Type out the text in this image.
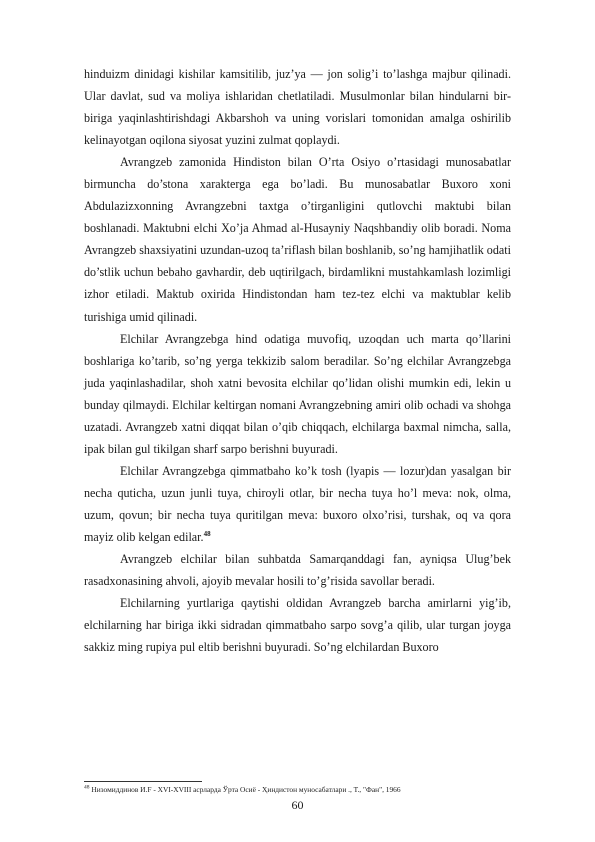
hinduizm dinidagi kishilar kamsitilib, juz’ya — jon solig’i to’lashga majbur qilinadi. Ular davlat, sud va moliya ishlaridan chetlatiladi. Musulmonlar bilan hindularni bir-biriga yaqinlashtirishdagi Akbarshoh va uning vorislari tomonidan amalga oshirilib kelinayotgan oqilona siyosat yuzini zulmat qoplaydi.

Avrangzeb zamonida Hindiston bilan O’rta Osiyo o’rtasidagi munosabatlar birmuncha do’stona xarakterga ega bo’ladi. Bu munosabatlar Buxoro xoni Abdulazizxonning Avrangzebni taxtga o’tirganligini qutlovchi maktubi bilan boshlanadi. Maktubni elchi Xo’ja Ahmad al-Husayniy Naqshbandiy olib boradi. Noma Avrangzeb shaxsiyatini uzundan-uzoq ta’riflash bilan boshlanib, so’ng hamjihatlik odati do’stlik uchun bebaho gavhardir, deb uqtirilgach, birdamlikni mustahkamlash lozimligi izhor etiladi. Maktub oxirida Hindistondan ham tez-tez elchi va maktublar kelib turishiga umid qilinadi.

Elchilar Avrangzebga hind odatiga muvofiq, uzoqdan uch marta qo’llarini boshlariga ko’tarib, so’ng yerga tekkizib salom beradilar. So’ng elchilar Avrangzebga juda yaqinlashadilar, shoh xatni bevosita elchilar qo’lidan olishi mumkin edi, lekin u bunday qilmaydi. Elchilar keltirgan nomani Avrangzebning amiri olib ochadi va shohga uzatadi. Avrangzeb xatni diqqat bilan o’qib chiqqach, elchilarga baxmal nimcha, salla, ipak bilan gul tikilgan sharf sarpo berishni buyuradi.

Elchilar Avrangzebga qimmatbaho ko’k tosh (lyapis — lozur)dan yasalgan bir necha quticha, uzun junli tuya, chiroyli otlar, bir necha tuya ho’l meva: nok, olma, uzum, qovun; bir necha tuya quritilgan meva: buxoro olxo’risi, turshak, oq va qora mayiz olib kelgan edilar.$^{48}$

Avrangzeb elchilar bilan suhbatda Samarqanddagi fan, ayniqsa Ulug’bek rasadxonasining ahvoli, ajoyib mevalar hosili to’g’risida savollar beradi.

Elchilarning yurtlariga qaytishi oldidan Avrangzeb barcha amirlarni yig’ib, elchilarning har biriga ikki sidradan qimmatbaho sarpo sovg’a qilib, ular turgan joyga sakkiz ming rupiya pul eltib berishni buyuradi. So’ng elchilardan Buxoro

$^{48}$ Низомиддинов И.F - XVI-XVIII асрларда Ўрта Осиё - Ҳиндистон муносабатлари ., Т., "Фан", 1966
60
